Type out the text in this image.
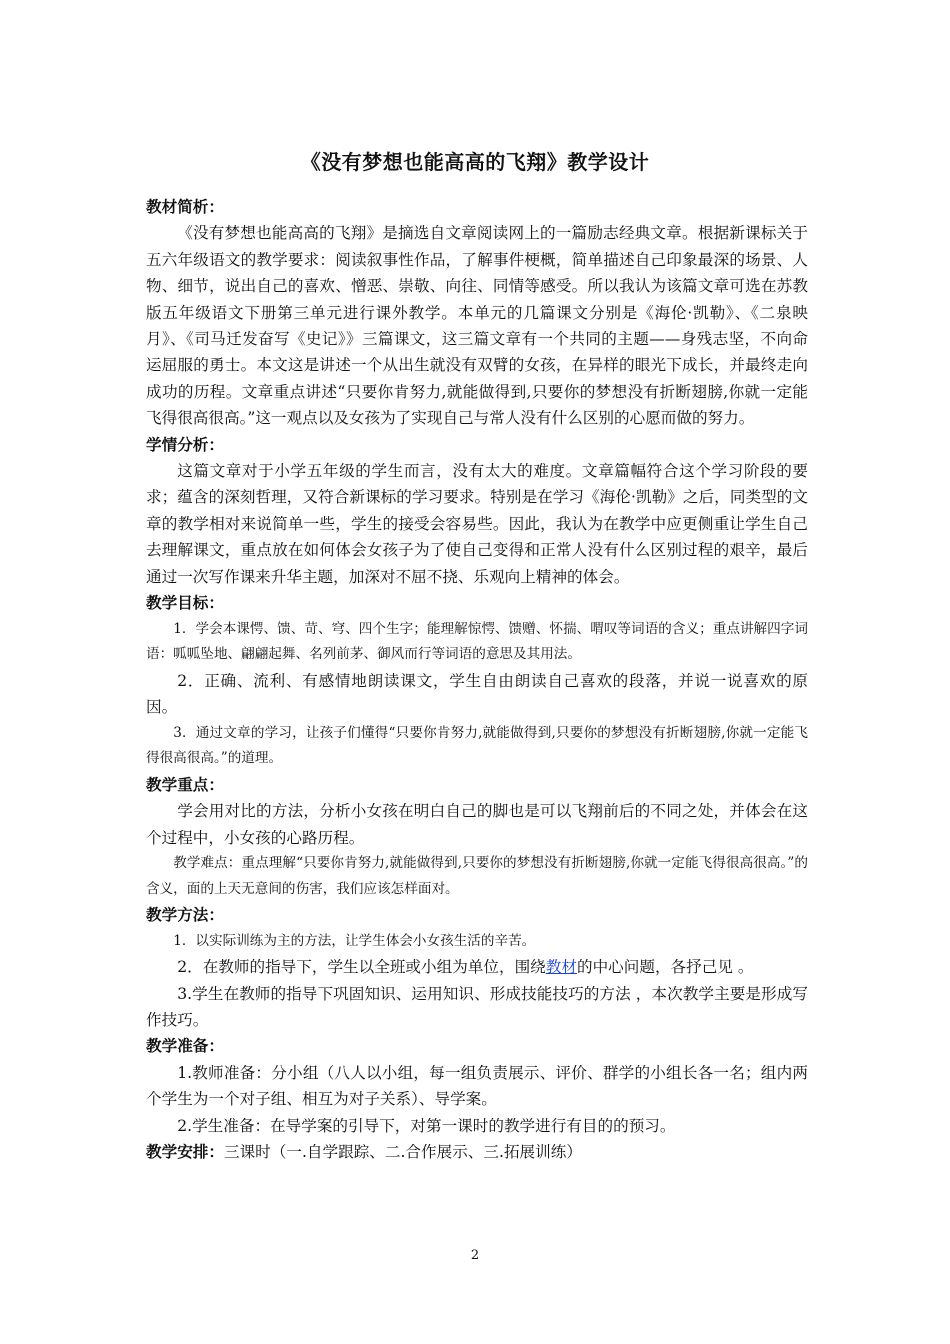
《没有梦想也能高高的飞翔》教学设计
教材简析：

《没有梦想也能高高的飞翔》是摘选自文章阅读网上的一篇励志经典文章。根据新课标关于五六年级语文的教学要求：阅读叙事性作品，了解事件梗概，简单描述自己印象最深的场景、人物、细节，说出自己的喜欢、憎恶、崇敬、向往、同情等感受。所以我认为该篇文章可选在苏教版五年级语文下册第三单元进行课外教学。本单元的几篇课文分别是《海伦·凯勒》、《二泉映月》、《司马迁发奋写《史记》》三篇课文，这三篇文章有一个共同的主题——身残志坚，不向命运屈服的勇士。本文这是讲述一个从出生就没有双臂的女孩，在异样的眼光下成长，并最终走向成功的历程。文章重点讲述“只要你肯努力,就能做得到,只要你的梦想没有折断翅膀,你就一定能飞得很高很高。”这一观点以及女孩为了实现自己与常人没有什么区别的心愿而做的努力。

学情分析：

这篇文章对于小学五年级的学生而言，没有太大的难度。文章篇幅符合这个学习阶段的要求；蕴含的深刻哲理，又符合新课标的学习要求。特别是在学习《海伦·凯勒》之后，同类型的文章的教学相对来说简单一些，学生的接受会容易些。因此，我认为在教学中应更侧重让学生自己去理解课文，重点放在如何体会女孩子为了使自己变得和正常人没有什么区别过程的艰辛，最后通过一次写作课来升华主题，加深对不屈不挠、乐观向上精神的体会。

教学目标：

1．学会本课愕、馈、苛、穹、四个生字；能理解惊愕、馈赠、怀揣、喟叹等词语的含义；重点讲解四字词语：呱呱坠地、翩翩起舞、名列前茅、御风而行等词语的意思及其用法。

2．正确、流利、有感情地朗读课文，学生自由朗读自己喜欢的段落，并说一说喜欢的原因。

3．通过文章的学习，让孩子们懂得“只要你肯努力,就能做得到,只要你的梦想没有折断翅膀,你就一定能飞得很高很高。”的道理。

教学重点：

学会用对比的方法，分析小女孩在明白自己的脚也是可以飞翔前后的不同之处，并体会在这个过程中，小女孩的心路历程。

教学难点：重点理解“只要你肯努力,就能做得到,只要你的梦想没有折断翅膀,你就一定能飞得很高很高。”的含义，面的上天无意间的伤害，我们应该怎样面对。

教学方法：

1．以实际训练为主的方法，让学生体会小女孩生活的辛苦。

2．在教师的指导下，学生以全班或小组为单位，围绕教材的中心问题，各抒己见 。

3.学生在教师的指导下巩固知识、运用知识、形成技能技巧的方法 ，本次教学主要是形成写作技巧。

教学准备：

1.教师准备：分小组（八人以小组，每一组负责展示、评价、群学的小组长各一名；组内两个学生为一个对子组、相互为对子关系）、导学案。

2.学生准备：在导学案的引导下，对第一课时的教学进行有目的的预习。

教学安排：三课时（一.自学跟踪、二.合作展示、三.拓展训练）

2
